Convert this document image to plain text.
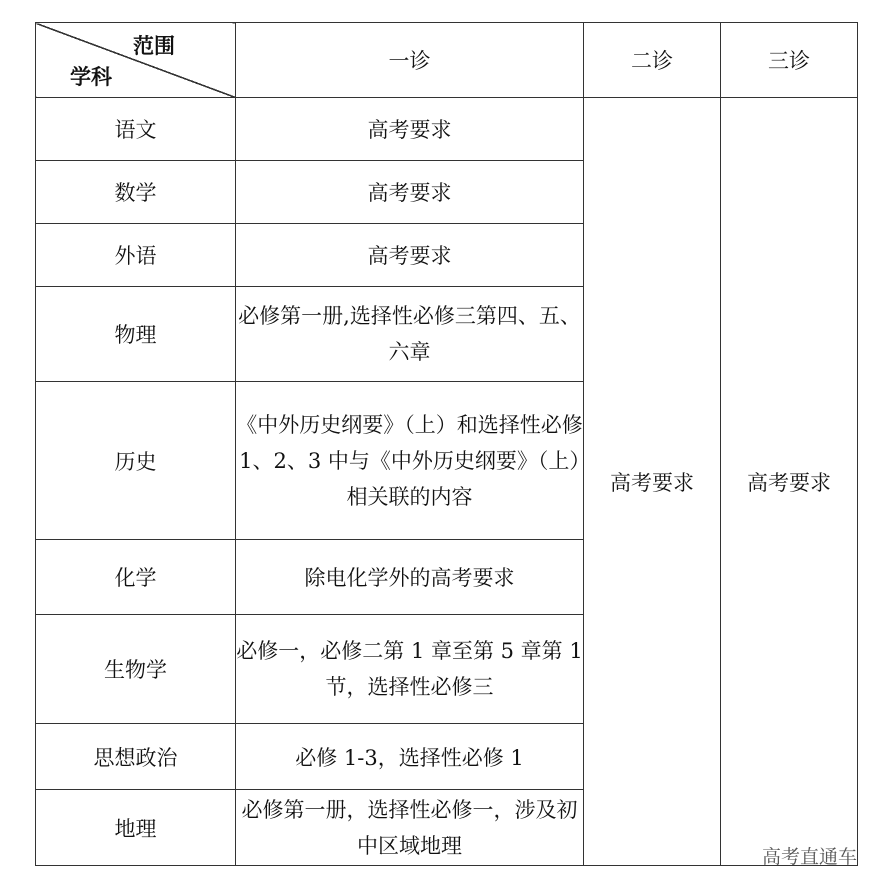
范围
学科	一诊	二诊	三诊
语文	高考要求	高考要求	高考要求
数学	高考要求		
外语	高考要求		
物理	必修第一册,选择性必修三第四、五、六章		
历史	《中外历史纲要》（上）和选择性必修 1、2、3 中与《中外历史纲要》（上）相关联的内容		
化学	除电化学外的高考要求		
生物学	必修一，必修二第 1 章至第 5 章第 1 节，选择性必修三		
思想政治	必修 1-3，选择性必修 1		
地理	必修第一册，选择性必修一，涉及初中区域地理			高考直通车
